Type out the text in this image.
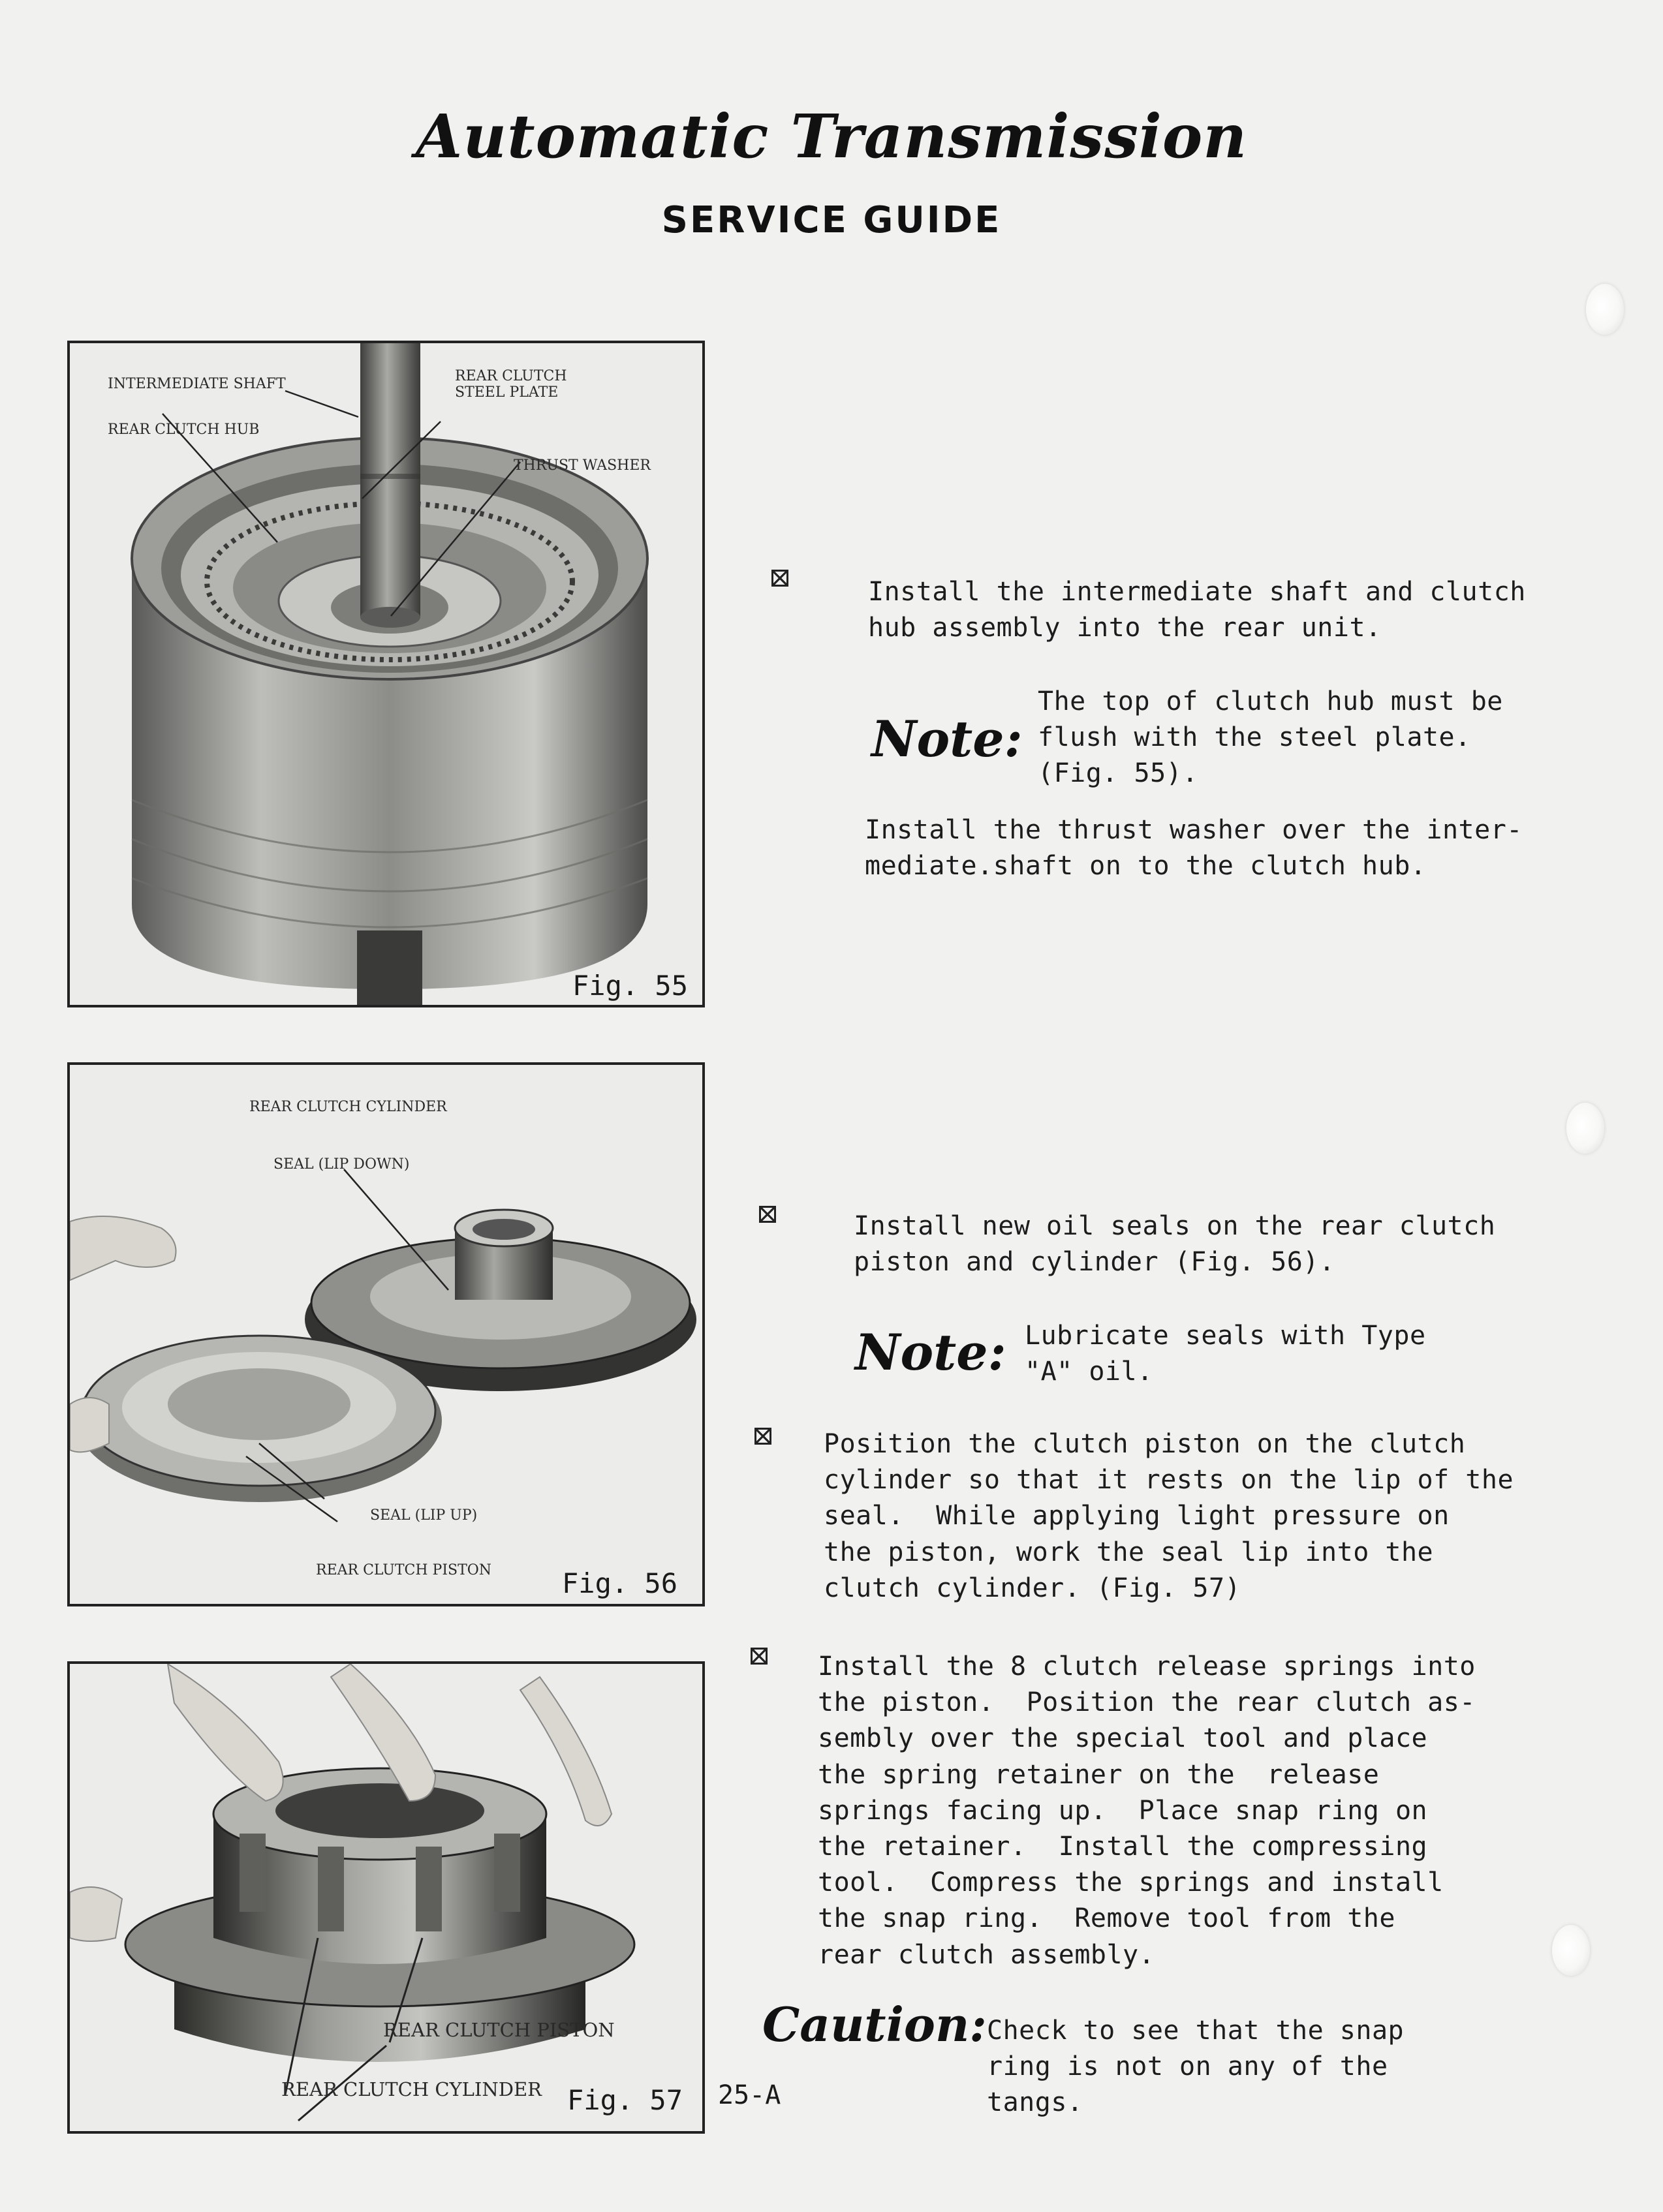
Automatic Transmission
SERVICE GUIDE
INTERMEDIATE SHAFT
REAR CLUTCH HUB
REAR CLUTCH
STEEL PLATE
THRUST WASHER
Fig. 55
REAR CLUTCH CYLINDER
SEAL (LIP DOWN)
SEAL (LIP UP)
REAR CLUTCH PISTON	Fig. 56
REAR CLUTCH PISTON
REAR CLUTCH CYLINDER Fig. 57 25-A
Install the intermediate shaft and clutch
hub assembly into the rear unit.
Note:
The top of clutch hub must be
flush with the steel plate.
(Fig. 55).
Install the thrust washer over the inter-
mediate.shaft on to the clutch hub.
Install new oil seals on the rear clutch
piston and cylinder (Fig. 56).
Note: Lubricate seals with Type
"A" oil.
Position the clutch piston on the clutch
cylinder so that it rests on the lip of the
seal.  While applying light pressure on
the piston, work the seal lip into the
clutch cylinder. (Fig. 57)
Install the 8 clutch release springs into
the piston.  Position the rear clutch as-
sembly over the special tool and place
the spring retainer on the  release
springs facing up.  Place snap ring on
the retainer.  Install the compressing
tool.  Compress the springs and install
the snap ring.  Remove tool from the
rear clutch assembly.
Caution: Check to see that the snap
ring is not on any of the
tangs.
